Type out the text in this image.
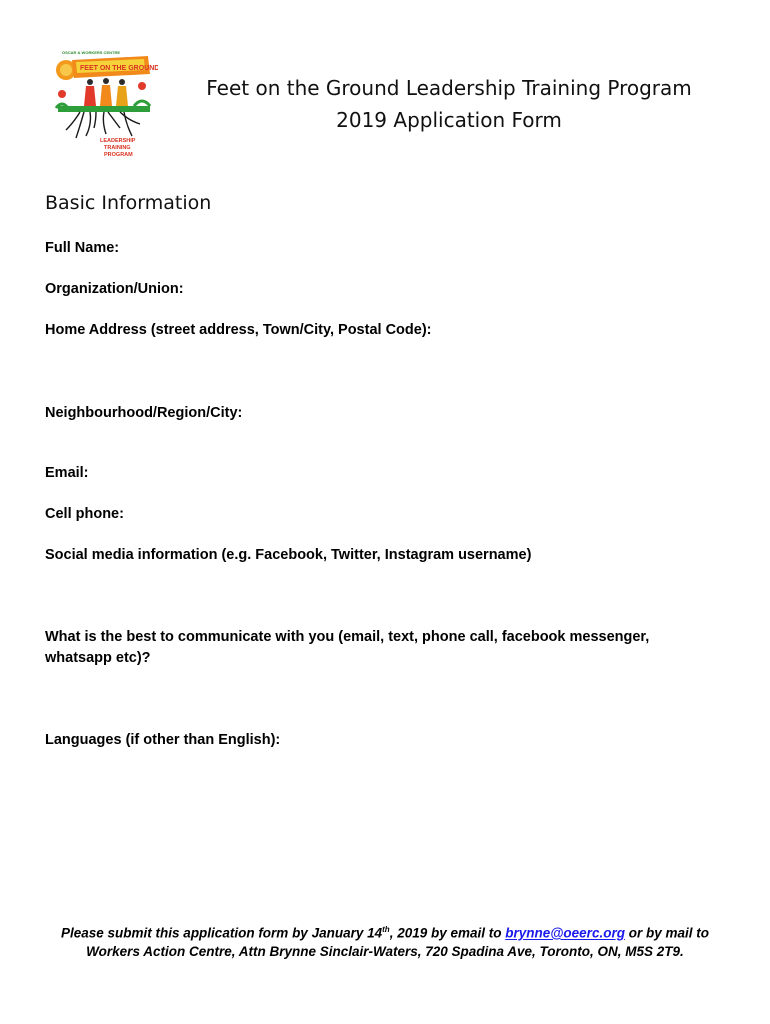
OSCAR & WORKERS CENTRE
FEET ON THE GROUND
LEADERSHIP
TRAINING
PROGRAM
Feet on the Ground Leadership Training Program
2019 Application Form
Basic Information
Full Name:
Organization/Union:
Home Address (street address, Town/City, Postal Code):
Neighbourhood/Region/City:
Email:
Cell phone:
Social media information (e.g. Facebook, Twitter, Instagram username)
What is the best to communicate with you (email, text, phone call, facebook messenger, whatsapp etc)?
Languages (if other than English):
Please submit this application form by January 14th, 2019 by email to brynne@oeerc.org or by mail to Workers Action Centre, Attn Brynne Sinclair-Waters, 720 Spadina Ave, Toronto, ON, M5S 2T9.
